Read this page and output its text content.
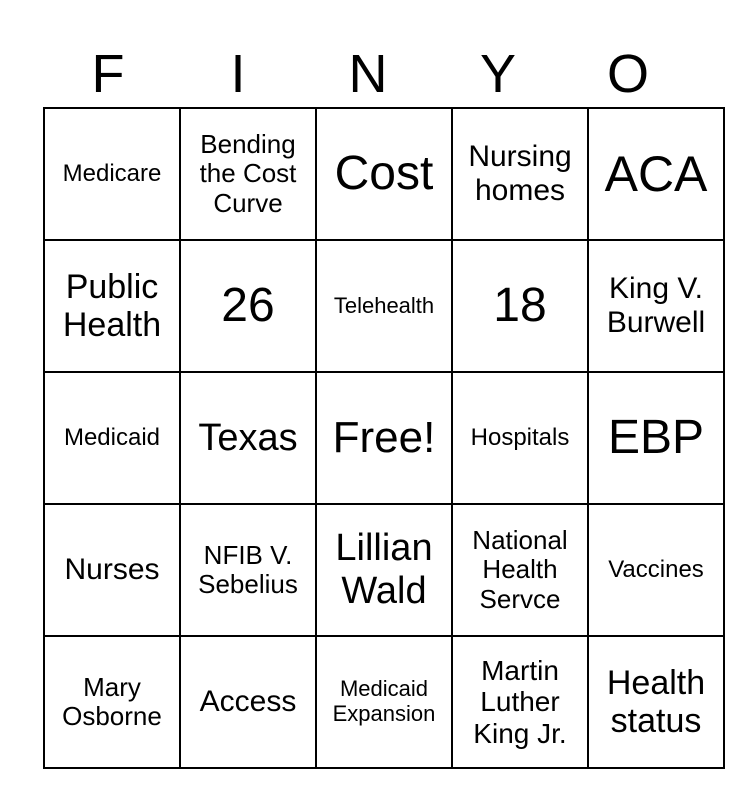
F	I	N	Y	O
Medicare	Bending the Cost Curve	Cost	Nursing homes	ACA
Public Health	26	Telehealth	18	King V. Burwell
Medicaid	Texas	Free!	Hospitals	EBP
Nurses	NFIB V. Sebelius	Lillian Wald	National Health Servce	Vaccines
Mary Osborne	Access	Medicaid Expansion	Martin Luther King Jr.	Health status
